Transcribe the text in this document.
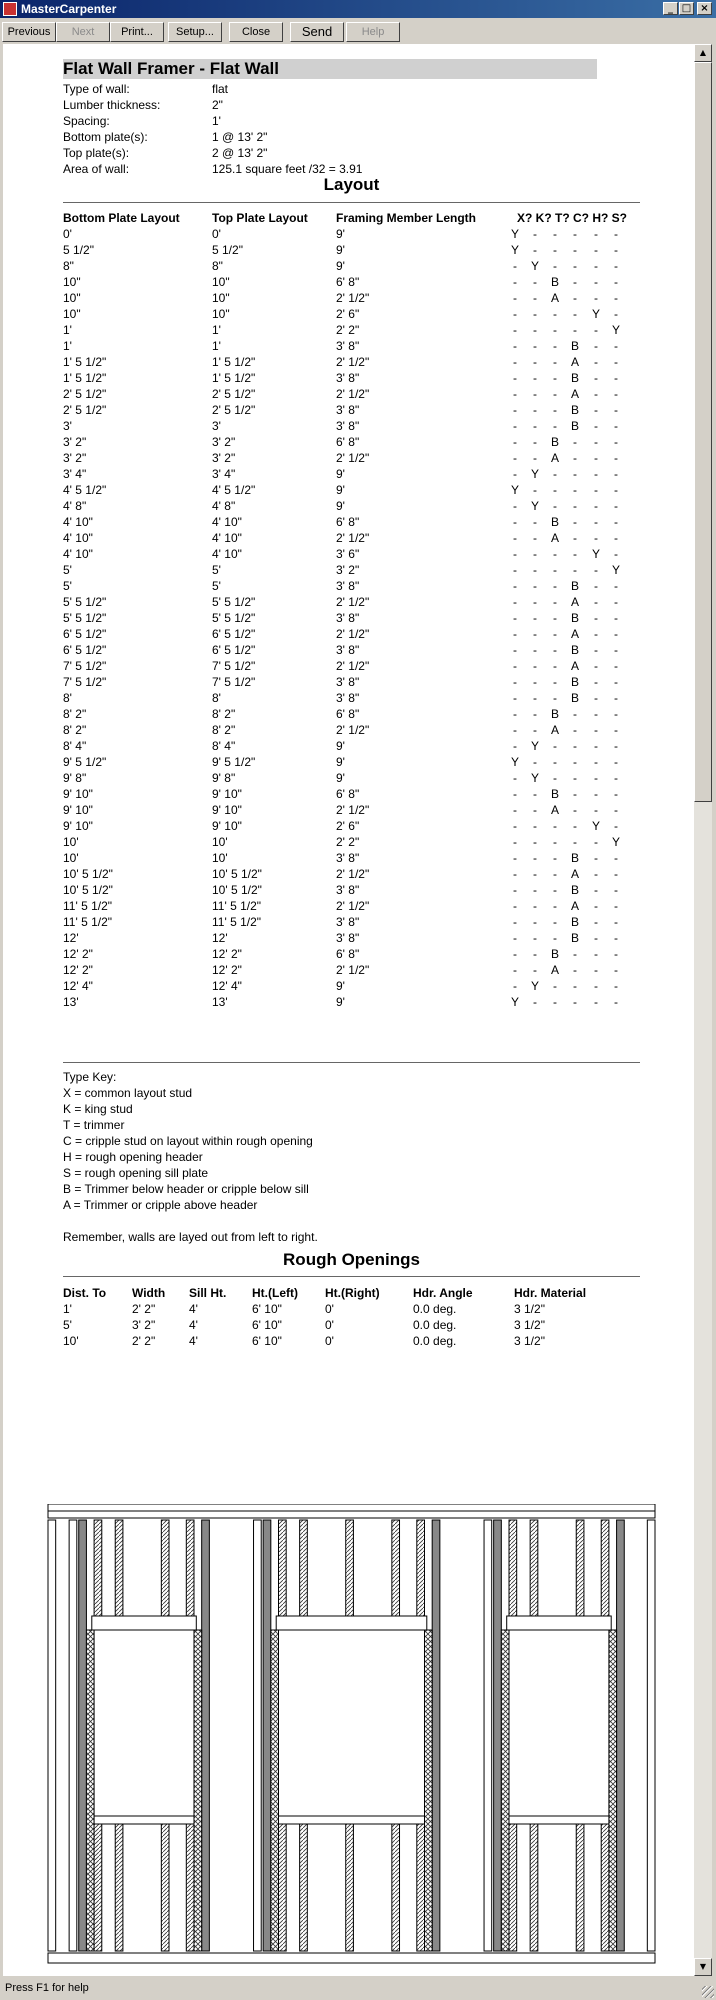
MasterCarpenter	_ □ ×
Previous	Next	Print...	Setup...	Close	Send	Help
Flat Wall Framer - Flat Wall
Type of wall:	flat
Lumber thickness:	2"
Spacing:	1'
Bottom plate(s):	1 @ 13' 2"
Top plate(s):	2 @ 13' 2"
Area of wall:	125.1 square feet /32 = 3.91
Layout
Bottom Plate Layout	Top Plate Layout Framing Member Length	X? K? T? C? H? S?
0'	0'	9'	Y	-	-	-	-	-
5 1/2"	5 1/2"	9'	Y	-	-	-	-	-
8"	8"	9'	-	Y	-	-	-	-
10"	10"	6' 8"	-	-	B	-	-	-
10"	10"	2' 1/2"	-	-	A	-	-	-
10"	10"	2' 6"	-	-	-	-	Y	-
1'	1'	2' 2"	-	-	-	-	-	Y
1'	1'	3' 8"	-	-	-	B	-	-
1' 5 1/2"	1' 5 1/2"	2' 1/2"	-	-	-	A	-	-
1' 5 1/2"	1' 5 1/2"	3' 8"	-	-	-	B	-	-
2' 5 1/2"	2' 5 1/2"	2' 1/2"	-	-	-	A	-	-
2' 5 1/2"	2' 5 1/2"	3' 8"	-	-	-	B	-	-
3'	3'	3' 8"	-	-	-	B	-	-
3' 2"	3' 2"	6' 8"	-	-	B	-	-	-
3' 2"	3' 2"	2' 1/2"	-	-	A	-	-	-
3' 4"	3' 4"	9'	-	Y	-	-	-	-
4' 5 1/2"	4' 5 1/2"	9'	Y	-	-	-	-	-
4' 8"	4' 8"	9'	-	Y	-	-	-	-
4' 10"	4' 10"	6' 8"	-	-	B	-	-	-
4' 10"	4' 10"	2' 1/2"	-	-	A	-	-	-
4' 10"	4' 10"	3' 6"	-	-	-	-	Y	-
5'	5'	3' 2"	-	-	-	-	-	Y
5'	5'	3' 8"	-	-	-	B	-	-
5' 5 1/2"	5' 5 1/2"	2' 1/2"	-	-	-	A	-	-
5' 5 1/2"	5' 5 1/2"	3' 8"	-	-	-	B	-	-
6' 5 1/2"	6' 5 1/2"	2' 1/2"	-	-	-	A	-	-
6' 5 1/2"	6' 5 1/2"	3' 8"	-	-	-	B	-	-
7' 5 1/2"	7' 5 1/2"	2' 1/2"	-	-	-	A	-	-
7' 5 1/2"	7' 5 1/2"	3' 8"	-	-	-	B	-	-
8'	8'	3' 8"	-	-	-	B	-	-
8' 2"	8' 2"	6' 8"	-	-	B	-	-	-
8' 2"	8' 2"	2' 1/2"	-	-	A	-	-	-
8' 4"	8' 4"	9'	-	Y	-	-	-	-
9' 5 1/2"	9' 5 1/2"	9'	Y	-	-	-	-	-
9' 8"	9' 8"	9'	-	Y	-	-	-	-
9' 10"	9' 10"	6' 8"	-	-	B	-	-	-
9' 10"	9' 10"	2' 1/2"	-	-	A	-	-	-
9' 10"	9' 10"	2' 6"	-	-	-	-	Y	-
10'	10'	2' 2"	-	-	-	-	-	Y
10'	10'	3' 8"	-	-	-	B	-	-
10' 5 1/2"	10' 5 1/2"	2' 1/2"	-	-	-	A	-	-
10' 5 1/2"	10' 5 1/2"	3' 8"	-	-	-	B	-	-
11' 5 1/2"	11' 5 1/2"	2' 1/2"	-	-	-	A	-	-
11' 5 1/2"	11' 5 1/2"	3' 8"	-	-	-	B	-	-
12'	12'	3' 8"	-	-	-	B	-	-
12' 2"	12' 2"	6' 8"	-	-	B	-	-	-
12' 2"	12' 2"	2' 1/2"	-	-	A	-	-	-
12' 4"	12' 4"	9'	-	Y	-	-	-	-
13'	13'	9'	Y	-	-	-	-	-
Type Key:
X = common layout stud
K = king stud
T = trimmer
C = cripple stud on layout within rough opening
H = rough opening header
S = rough opening sill plate
B = Trimmer below header or cripple below sill
A = Trimmer or cripple above header
Remember, walls are layed out from left to right.
Rough Openings
Dist. To Width Sill Ht. Ht.(Left) Ht.(Right)	Hdr. Angle	Hdr. Material
1'	2' 2"	4'	6' 10"	0'	0.0 deg.	3 1/2"
5'	3' 2"	4'	6' 10"	0'	0.0 deg.	3 1/2"
10'	2' 2"	4'	6' 10"	0'	0.0 deg.	3 1/2"
▲
▼
Press F1 for help
